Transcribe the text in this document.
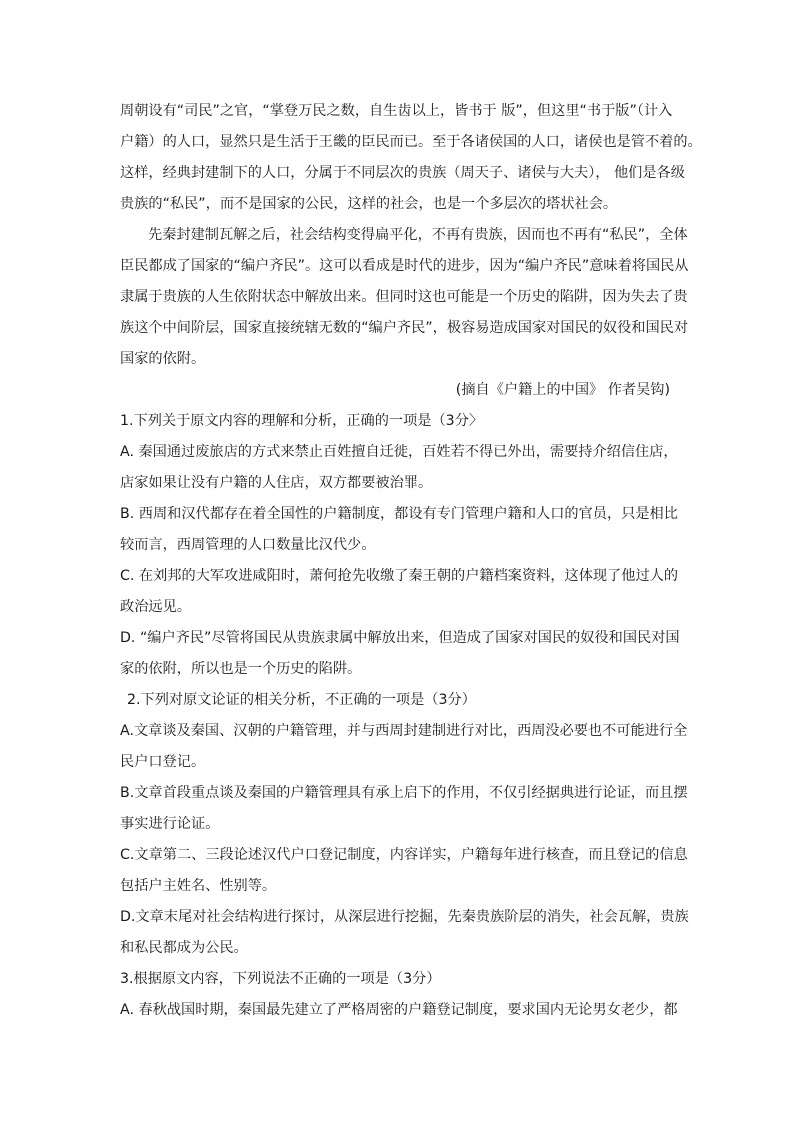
周朝设有“司民”之官，“掌登万民之数，自生齿以上，皆书于 版”，但这里“书于版”（计入
户籍）的人口，显然只是生活于王畿的臣民而已。至于各诸侯国的人口，诸侯也是管不着的。
这样，经典封建制下的人口，分属于不同层次的贵族（周天子、诸侯与大夫）， 他们是各级
贵族的“私民”，而不是国家的公民，这样的社会，也是一个多层次的塔状社会。
先秦封建制瓦解之后，社会结构变得扁平化，不再有贵族，因而也不再有“私民”，全体
臣民都成了国家的“编户齐民”。这可以看成是时代的进步，因为“编户齐民”意味着将国民从
隶属于贵族的人生依附状态中解放出来。但同时这也可能是一个历史的陷阱，因为失去了贵
族这个中间阶层，国家直接统辖无数的“编户齐民”，极容易造成国家对国民的奴役和国民对
国家的依附。
(摘自《户籍上的中国》 作者吴钩)
1.下列关于原文内容的理解和分析，正确的一项是（3分〉
A. 秦国通过废旅店的方式来禁止百姓擅自迁徙，百姓若不得已外出，需要持介绍信住店，
店家如果让没有户籍的人住店，双方都要被治罪。
B. 西周和汉代都存在着全国性的户籍制度，都设有专门管理户籍和人口的官员，只是相比
较而言，西周管理的人口数量比汉代少。
C. 在刘邦的大军攻进咸阳时，萧何抢先收缴了秦王朝的户籍档案资料，这体现了他过人的
政治远见。
D. “编户齐民”尽管将国民从贵族隶属中解放出来，但造成了国家对国民的奴役和国民对国
家的依附，所以也是一个历史的陷阱。
2.下列对原文论证的相关分析，不正确的一项是（3分）
A.文章谈及秦国、汉朝的户籍管理，并与西周封建制进行对比，西周没必要也不可能进行全
民户口登记。
B.文章首段重点谈及秦国的户籍管理具有承上启下的作用，不仅引经据典进行论证，而且摆
事实进行论证。
C.文章第二、三段论述汉代户口登记制度，内容详实，户籍每年进行核查，而且登记的信息
包括户主姓名、性别等。
D.文章末尾对社会结构进行探讨，从深层进行挖掘，先秦贵族阶层的消失，社会瓦解，贵族
和私民都成为公民。
3.根据原文内容，下列说法不正确的一项是（3分）
A. 春秋战国时期，秦国最先建立了严格周密的户籍登记制度，要求国内无论男女老少，都
